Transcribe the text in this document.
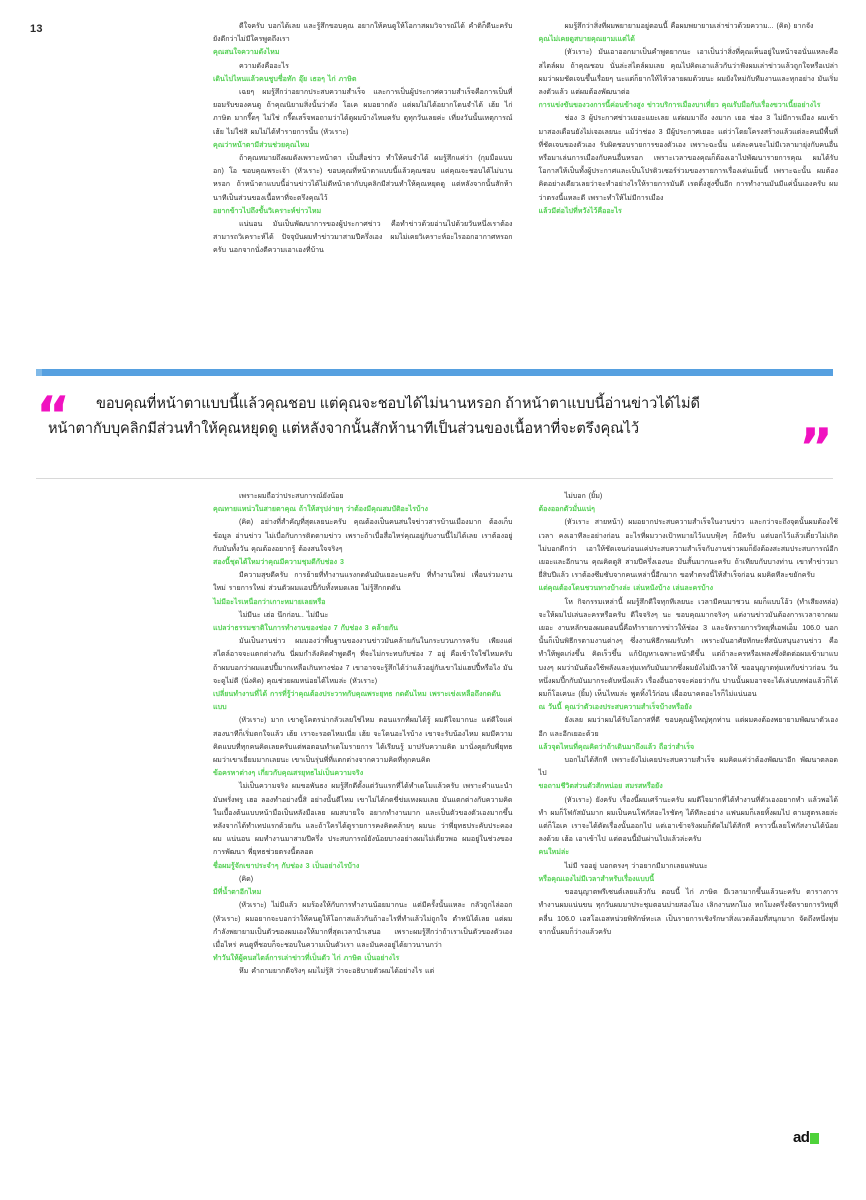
13	ดีใจครับ บอกได้เลย และรู้สึกขอบคุณ อยากให้คนดูให้โอกาสผมวิจารณ์ได้ คำติก็ดีนะครับ ยังดีกว่าไม่มีใครพูดถึงเรา

คุณสนใจความดังไหม

ความดังคืออะไร

เดินไปไหนแล้วคนชูบชื่อทัก อุ๊ย เธอๆ ไก่ ภาษิต

เฉยๆ ผมรู้สึกว่าอยากประสบความสำเร็จ และการเป็นผู้ประกาศความสำเร็จคือการเป็นที่ยอมรับของคนดู ถ้าคุณนิยามสิ่งนั้นว่าดัง โอเค ผมอยากดัง แต่ผมไม่ได้อยากโดนจำได้ เฮ้ย ไก่ ภาษิต มากรี๊ดๆ ไม่ใช่ กรี๊ดเสร็จพอถามว่าได้ดูผมบ้างไหมครับ ดูทุกวันเลยค่ะ เที่ยงวันนั้นเหตุการณ์ เฮ้ย ไม่ใช่สิ ผมไม่ได้ทำรายการนั้น (หัวเราะ)

คุณว่าหน้าตามีส่วนช่วยคุณไหม

ถ้าคุณหมายถึงผมดังเพราะหน้าตา เป็นสื่อข่าว ทำให้คนจำได้ ผมรู้สึกแค่ว่า (กุมมือแนบอก) โอ ขอบคุณพระเจ้า (หัวเราะ) ขอบคุณที่หน้าตาแบบนี้แล้วคุณชอบ แต่คุณจะชอบได้ไม่นานหรอก ถ้าหน้าตาแบบนี้อ่านข่าวได้ไม่ดีหน้าตากับบุคลิกมีส่วนทำให้คุณหยุดดู แต่หลังจากนั้นสักห้านาทีเป็นส่วนของเนื้อหาที่จะตรึงคุณไว้

อยากข้าวไปถึงขั้นวิเคราะห์ข่าวไหม

แน่นอน มันเป็นพัฒนาการของผู้ประกาศข่าว คือทำข่าวด้วยอ่านไปด้วยวันหนึ่งเราต้องสามารถวิเคราะห์ได้ ปัจจุบันผมทำข่าวมาสามปีครึ่งเอง ผมไม่เคยวิเคราะห์อะไรออกอากาศหรอกครับ นอกจากนั่งตีความเอาเองที่บ้าน

ผมรู้สึกว่าสิ่งที่ผมพยายามอยู่ตอนนี้ คือผมพยายามเล่าข่าวด้วยความ... (คิด) ยากจัง

คุณไม่เคยดูสบายคุณยามเแต่ได้

(หัวเราะ) มันเอาออกมาเป็นคำพูดยากนะ เอาเป็นว่าสิ่งที่คุณเห็นอยู่ในหน้าจอนั่นแหละคือสไตล์ผม ถ้าคุณชอบ นั่นล่ะสไตล์ผมเลย คุณไปคิดเอาแล้วกันว่าฟังผมเล่าข่าวแล้วถูกใจหรือเปล่า ผมว่าผมชัดเจนขึ้นเรื่อยๆ นะแต่ก็ยากให้ไห้วลายผมด้วยนะ ผมยังใหม่กับทีมงานและทุกอย่าง มันเริ่มลงตัวแล้ว แต่ผมต้องพัฒนาต่อ

การแข่งขันของวงการนี้ค่อนข้างสูง ข่าวบริการเมืองบาเที่ยว คุณรับมือกับเรื่องขวาเนี้ยอย่างไร

ช่อง 3 ผู้ประกาศข่าวเยอะแยะเลย แต่ผมมาถึง งงมาก เยอ ช่อง 3 ไม่มีการเมือง ผมเข้ามาสองเดือนยังไม่เจอเลยนะ แม้ว่าช่อง 3 มีผู้ประกาศเยอะ แต่ว่าโดยโครงสร้างแล้วแต่ละคนมีพื้นที่ที่ชัดเจนของตัวเอง รับผิดชอบรายการของตัวเอง เพราะฉะนั้น แต่ละคนจะไม่มีเวลามายุ่งกับคนอื่นหรือมาเล่นการเมืองกับคนอื่นหรอก เพราะเวลาของคุณก็ต้องเอาไปพัฒนารายการคุณ ผมได้รับโอกาสให้เป็นทั้งผู้ประกาศและเป็นโปรดิวเซอร์ร่วมของรายการเรื่องเด่นเย็นนี้ เพราะฉะนั้น ผมต้องคิดอย่างเดียวเลยว่าจะทำอย่างไรให้รายการมันดี เรตติ้งสูงขึ้นอีก การทำงานมันมีแค่นั้นเองครับ ผมว่าตรงนี้แหละดี เพราะทำให้ไม่มีการเมือง

แล้วมีต่อไปที่หวังไว้คืออะไร
“ ขอบคุณที่หน้าตาแบบนี้แล้วคุณชอบ แต่คุณจะชอบได้ไม่นานหรอก ถ้าหน้าตาแบบนี้อ่านข่าวได้ไม่ดี
หน้าตากับบุคลิกมีส่วนทำให้คุณหยุดดู แต่หลังจากนั้นสักห้านาทีเป็นส่วนของเนื้อหาที่จะตรึงคุณไว้	”

เพราะผมถือว่าประสบการณ์ยังน้อย

คุณทายแหน่วในสายตาคุณ ถ้าให้สรุปง่ายๆ ว่าต้องมีคุณสมบัติอะไรบ้าง

(คิด) อย่างที่สำคัญที่สุดเลยนะครับ คุณต้องเป็นคนสนใจข่าวสารบ้านเมืองมาก ต้องเก็บข้อมูล อ่านข่าว ไม่เบื่อกับการติดตามข่าว เพราะถ้าเบื่อสื่อไหร่คุณอยู่กับงานนี้ไม่ได้เลย เราต้องอยู่กับมันทั้งวัน คุณต้องอยากรู้ ต้องสนใจจริงๆ

สองนี้ชุดได้ใหมว่าคุณมีความชุมดีกับช่อง 3

มีความสุขดีครับ การย้ายที่ทำงานแรงกดดันมันเยอะนะครับ ที่ทำงานใหม่ เพื่อนร่วมงานใหม่ รายการใหม่ ส่วนตัวผมแอปปี้กับทั้งหมดเลย ไม่รู้สึกกดดัน

ไม่มีอะไรเหนือกว่าเกาะหมายเลยหรือ

ไม่มีนะ เฮ่อ นึกก่อน.. ไม่มีนะ

แปลว่าธรรมชาติในการทำงานของช่อง 7 กับช่อง 3 คล้ายกัน

มันเป็นงานข่าว ผมมองว่าพื้นฐานของงานข่าวมันคล้ายกันในกระบวนการครับ เพียงแต่สไตล์อาจจะแตกต่างกัน นี่ผมกำลังคิดคำพูดดีๆ ที่จะไม่กระทบกับช่อง 7 อยู่ คือเข้าใจใช่ไหมครับ ถ้าผมบอกว่าผมแฮปปี้มากเหลือเกินทางช่อง 7 เขาอาจจะรู้สึกได้ว่าแล้วอยู่กับเขาไม่แฮปปี้หรือไง มันจะดูไม่ดี (นิ่งคิด) คุณช่วยผมหน่อยได้ไหมล่ะ (หัวเราะ)

เปลี่ยนทำงานที่ได้ การที่รู้ว่าคุณต้องประวาทกับคุณพระยุทธ กดดันไหม เพราะเข่งเหลือถึงกดดันแบบ

(หัวเราะ) มาก เขาดูโคตรน่ากลัวเลยใช่ไหม ตอนแรกที่ผมได้รู้ ผมดีใจมากนะ แต่ดีใจแค่สองนาทีก็เริ่มตกใจแล้ว เฮ้ย เราจะรอดไหมเนี่ย เฮ้ย จะโดนอะไรบ้าง เขาจะรับน้องไหม ผมมีความคิดแบบที่ทุกคนคิดเลยครับแต่พอตอนทำเดโมรายการ ได้เรียนรู้ มาปรับความคิด มานั่งคุยกับพี่ยุทธ ผมว่าเขาเยี่ยมมากเลยนะ เขาเป็นรุ่นพี่ที่แตกต่างจากความคิดที่ทุกคนคิด

ข้อครหาต่างๆ เกี่ยวกับคุณสรยุทธไม่เป็นความจริง

ไม่เป็นความจริง ผมขอพันธง ผมรู้สึกดีตั้งแต่วันแรกที่ได้ทำเดโมแล้วครับ เพราะคำแนะนำมันพรั่งพรู เฮอ ลองทำอย่างนี้สิ อย่างนั้นดีไหม เขาไม่ได้กดขี่ข่มเหงผมเลย มันแตกต่างกับความคิดในเบื้องต้นแบบหน้ามือเป็นหลังมือเลย ผมสบายใจ อยากทำงานมาก และเป็นตัวของตัวเองมากขึ้นหลังจากได้ทำเทปแรกด้วยกัน และถ้าใครได้ดูรายการคงคิดคล้ายๆ ผมนะ ว่าพี่ยุทธประคับประคองผม แน่นอน ผมทำงานมาสามปีครึ่ง ประสบการณ์ยังน้อยบางอย่างผมไม่เดี่ยวพอ ผมอยู่ในช่วงของการพัฒนา พี่ยุทธช่วยตรงนี้ตลอด

ชื่อผมรู้จักเขาประจำๆ กับช่อง 3 เป็นอย่างไรบ้าง

(คิด)

มีที่น้ำตาอีกไหม

(หัวเราะ) ไม่มีแล้ว ผมร้องให้กับการทำงานน้อยมากนะ แต่มีครั้งนั้นแหละ กลัวถูกไล่ออก (หัวเราะ) ผมอยากจะบอกว่าให้คนดูให้โอกาสแล้วกันถ้าอะไรที่ทำแล้วไม่ถูกใจ ตำหนิได้เลย แต่ผมกำลังพยายามเป็นตัวของผมเองให้มากที่สุดเวลานำเสนอ เพราะผมรู้สึกว่าถ้าเราเป็นตัวของตัวเองเมื่อไหร่ คนดูที่ชอบก็จะชอบในความเป็นตัวเรา และมันคงอยู่ได้ยาวนานกว่า

ทำวันให้ผู้คนสไตล์การเล่าข่าวที่เป็นตัว ไก่ ภาษิต เป็นอย่างไร

หึม คำถามยากดีจริงๆ ผมไม่รู้สิ ว่าจะอธิบายตัวผมได้อย่างไร แต่

ไม่บอก (ยิ้ม)

ต้องออกตัวมั่นแน่ๆ

(หัวเราะ สายหน้า) ผมอยากประสบความสำเร็จในงานข่าว และกว่าจะถึงจุดนั้นผมต้องใช้เวลา คงเอาทีละอย่างก่อน อะไรที่ผมวางเป้าหมายไว้แบบฟุ้งๆ ก็มีครับ แต่บอกไว้แล้วเดี๋ยวไม่เกิด ไม่บอกดีกว่า เอาให้ชัดเจนก่อนแค่ประสบความสำเร็จกับงานข่าวผมก็ยังต้องสะสมประสบการณ์อีกเยอะและอีกนาน คุณคิดดูสิ สามปีครึ่งเองนะ มันสั้นมากนะครับ ถ้าเทียบกับบางท่าน เขาทำข่าวมายี่สิบปีแล้ว เราต้องซึมซับจากคนเหล่านี้อีกมาก ขอทำตรงนี้ให้สำเร็จก่อน ผมคิดทีละขยักครับ

แต่คุณต้องโดนชวนทางบ้างล่ะ เล่นหนังบ้าง เล่นละครบ้าง

โห กิจกรรมเหล่านี้ ผมรู้สึกดีใจทุกทีเลยนะ เวลามีคนมาชวน ผมก็แบบโอ้ว (ทำเสียงหล่อ) จะให้ผมไปเล่นละครหรือครับ ดีใจจริงๆ นะ ขอบคุณมากจริงๆ แต่งานข่าวมันต้องการเวลาจากผมเยอะ งานหลักของผมตอนนี้คือทำรายการข่าวให้ช่อง 3 และจัดรายการวิทยุที่เอฟเอ็ม 106.0 นอกนั้นก็เป็นพิธีกรตามงานต่างๆ ซึ่งงานพิธีกรผมรับทำ เพราะมันอาศัยทักษะที่สนับสนุนงานข่าว คือทำให้พูดเก่งขึ้น คิดเร็วขึ้น แก้ปัญหาเฉพาะหน้าดีขึ้น แต่ถ้าละครหรือเพลงซึ่งติดต่อผมเข้ามาแบบงงๆ ผมว่ามันต้องใช้พลังและทุ่มเทกับมันมากซึ่งผมยังไม่มีเวลาให้ ขออนุญาตทุ่มเทกับข่าวก่อน วันหนึ่งผมปึ้กกับมันมากระดับหนึ่งแล้ว เรื่องอื่นอาจจะค่อยว่ากัน ปานนั้นผมอาจจะได้เล่นบทพ่อแล้วก็ได้ ผมก็โอเคนะ (ยิ้ม) เห็นไหมล่ะ พูดทิ้งไว้ก่อน เผื่ออนาคตอะไรก็ไม่แน่นอน

ณ วันนี้ คุณว่าตัวเองประสบความสำเร็จบ้างหรือยัง

ยังเลย ผมว่าผมได้รับโอกาสที่ดี ขอบคุณผู้ใหญ่ทุกท่าน แต่ผมคงต้องพยายามพัฒนาตัวเองอีก และอีกเยอะด้วย

แล้วจุดไหนที่คุณคิดว่าถ้าเดินมาถึงแล้ว ถือว่าสำเร็จ

บอกไม่ได้สักที เพราะยังไม่เคยประสบความสำเร็จ ผมคิดแค่ว่าต้องพัฒนาอีก พัฒนาตลอดไป

ขอถามชีวิตส่วนตัวสักหน่อย สมรสหรือยัง

(หัวเราะ) ยังครับ เรื่องนี้ผมเศร้านะครับ ผมดีใจมากที่ได้ทำงานที่ตัวเองอยากทำ แล้วพอได้ทำ ผมก็โฟกัสมันมาก ผมเป็นคนโฟกัสอะไรชัดๆ ได้ทีละอย่าง แฟนผมก็เลยทิ้งผมไป ตามสูตรเลยล่ะ แต่ก็โอเค เราจะได้ตัดเรื่องนั้นออกไป แต่เอาเข้าจริงผมก็ตัดไม่ได้สักที คราวนี้เลยโฟกัสงานได้น้อยลงด้วย เฮ้อ เอาเข้าไป แต่ตอนนี้มันผ่านไปแล้วล่ะครับ

คนใหม่ล่ะ

ไม่มี รออยู่ บอกตรงๆ ว่าอยากมีมากเลยแฟนนะ

หรือคุณเองไม่มีเวลาสำหรับเรื่องแบบนี้

ขออนุญาตพรีเซนต์เลยแล้วกัน ตอนนี้ ไก่ ภาษิต มีเวลามากขึ้นแล้วนะครับ ตารางการทำงานผมแน่นขน ทุกวันผมมาประชุมตอนบ่ายสองโมง เลิกงานหกโมง หกโมงครึ่งจัดรายการวิทยุที่คลื่น 106.0 เอสโอเอสหน่วยพิทักษ์ทะเล เป็นรายการเชิงรักษาสิ่งแวดล้อมที่สนุกมาก จัดถึงหนึ่งทุ่ม จากนั้นผมก็ว่างแล้วครับ

ad
